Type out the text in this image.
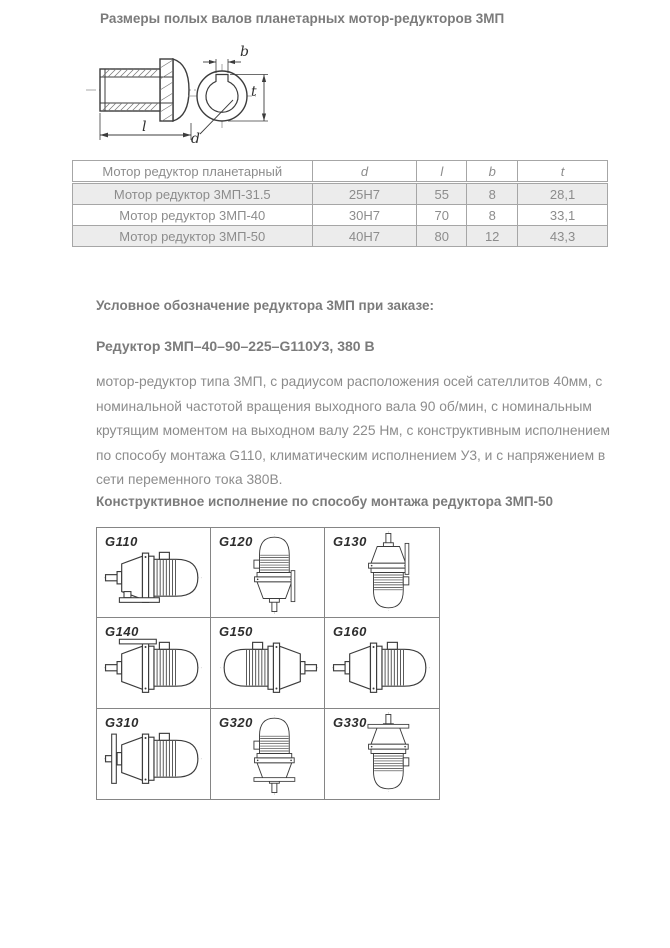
Размеры полых валов планетарных мотор-редукторов 3МП
l
b
t
d
Мотор редуктор планетарный	d	l	b	t
Мотор редуктор 3МП-31.5	25H7	55	8	28,1
Мотор редуктор 3МП-40	30H7	70	8	33,1
Мотор редуктор 3МП-50	40H7	80	12	43,3
Условное обозначение редуктора 3МП при заказе:
Редуктор 3МП–40–90–225–G110У3, 380 В
мотор-редуктор типа 3МП, с радиусом расположения осей сателлитов 40мм, с номинальной частотой вращения выходного вала 90 об/мин, с номинальным крутящим моментом на выходном валу 225 Нм, с конструктивным исполнением по способу монтажа G110, климатическим исполнением У3, и с напряжением в сети переменного тока 380В.
Конструктивное исполнение по способу монтажа редуктора 3МП-50
G110	G120	G130
G140	G150	G160
G310	G320	G330
